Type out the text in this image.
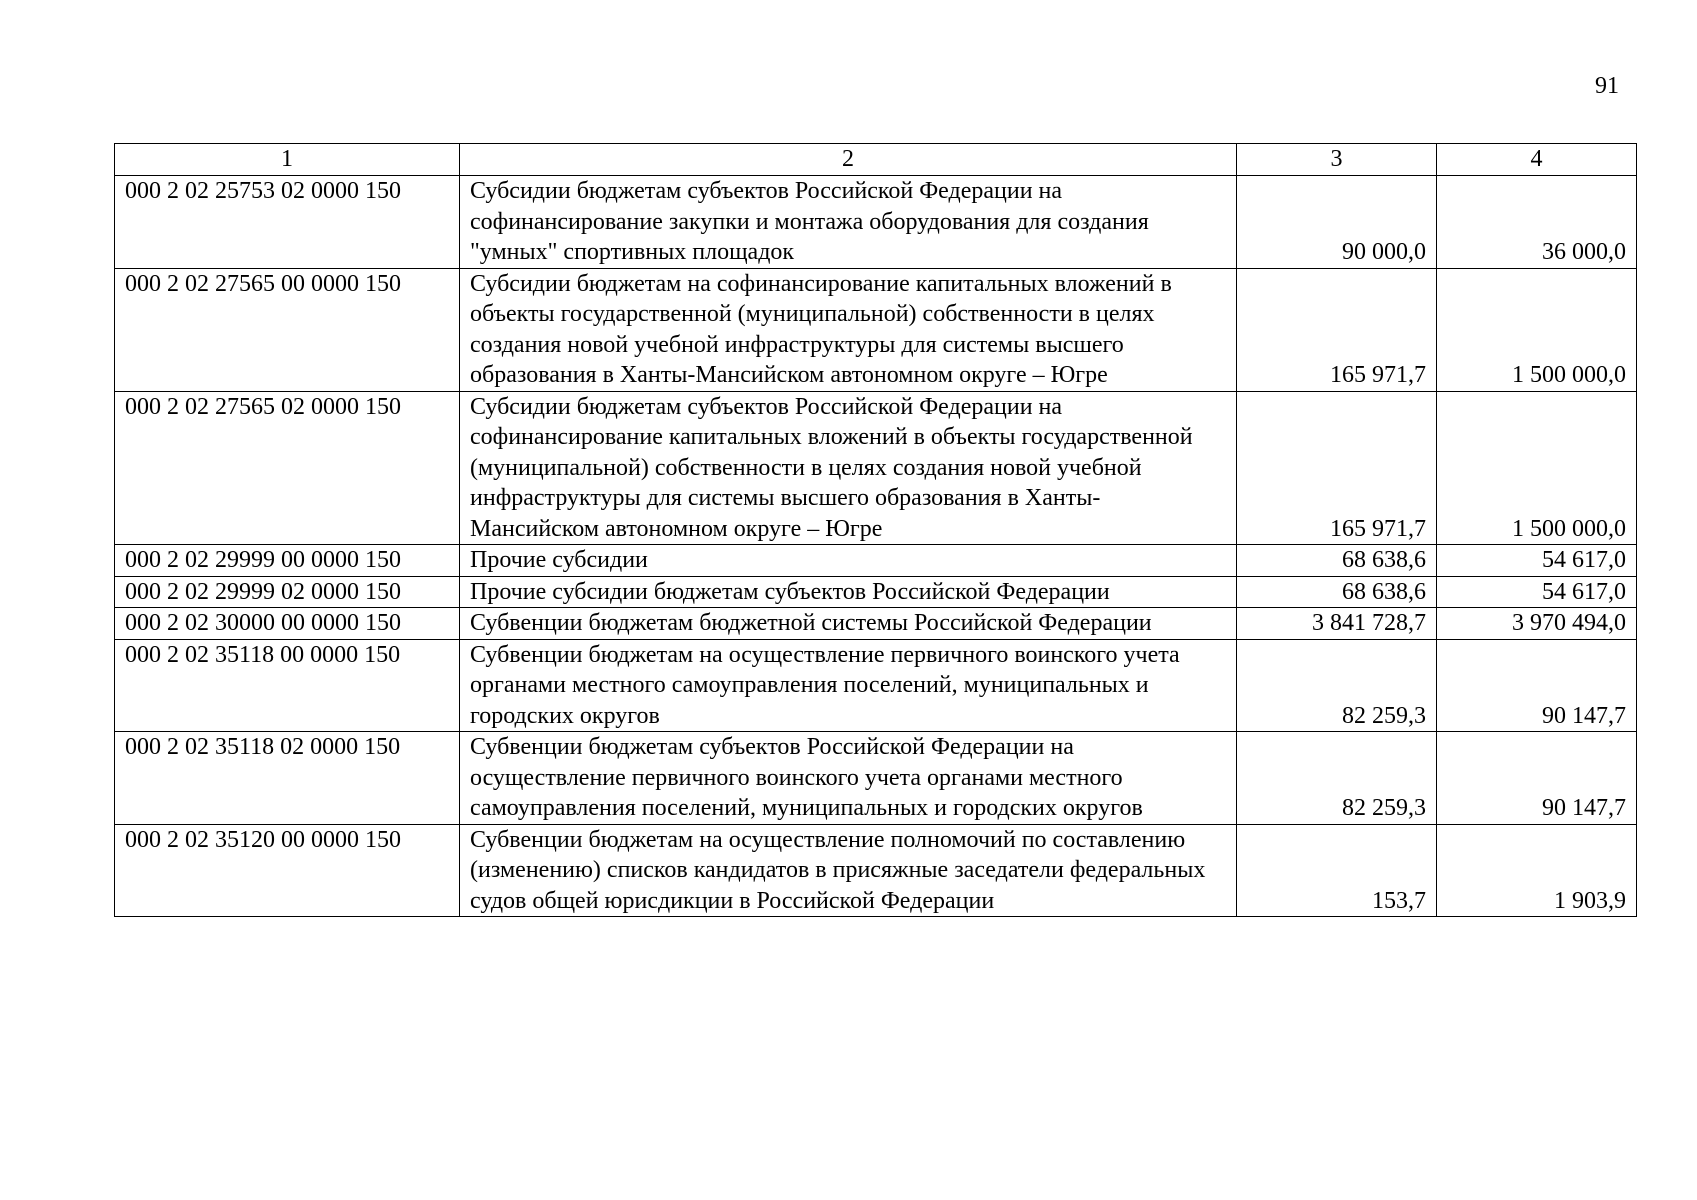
91
1	2	3	4
000 2 02 25753 02 0000 150	Субсидии бюджетам субъектов Российской Федерации на софинансирование закупки и монтажа оборудования для создания "умных" спортивных площадок	90 000,0	36 000,0
000 2 02 27565 00 0000 150	Субсидии бюджетам на софинансирование капитальных вложений в объекты государственной (муниципальной) собственности в целях создания новой учебной инфраструктуры для системы высшего образования в Ханты-Мансийском автономном округе – Югре	165 971,7	1 500 000,0
000 2 02 27565 02 0000 150	Субсидии бюджетам субъектов Российской Федерации на софинансирование капитальных вложений в объекты государственной (муниципальной) собственности в целях создания новой учебной инфраструктуры для системы высшего образования в Ханты-Мансийском автономном округе – Югре	165 971,7	1 500 000,0
000 2 02 29999 00 0000 150	Прочие субсидии	68 638,6	54 617,0
000 2 02 29999 02 0000 150	Прочие субсидии бюджетам субъектов Российской Федерации	68 638,6	54 617,0
000 2 02 30000 00 0000 150	Субвенции бюджетам бюджетной системы Российской Федерации	3 841 728,7	3 970 494,0
000 2 02 35118 00 0000 150	Субвенции бюджетам на осуществление первичного воинского учета органами местного самоуправления поселений, муниципальных и городских округов	82 259,3	90 147,7
000 2 02 35118 02 0000 150	Субвенции бюджетам субъектов Российской Федерации на осуществление первичного воинского учета органами местного самоуправления поселений, муниципальных и городских округов	82 259,3	90 147,7
000 2 02 35120 00 0000 150	Субвенции бюджетам на осуществление полномочий по составлению (изменению) списков кандидатов в присяжные заседатели федеральных судов общей юрисдикции в Российской Федерации	153,7	1 903,9
